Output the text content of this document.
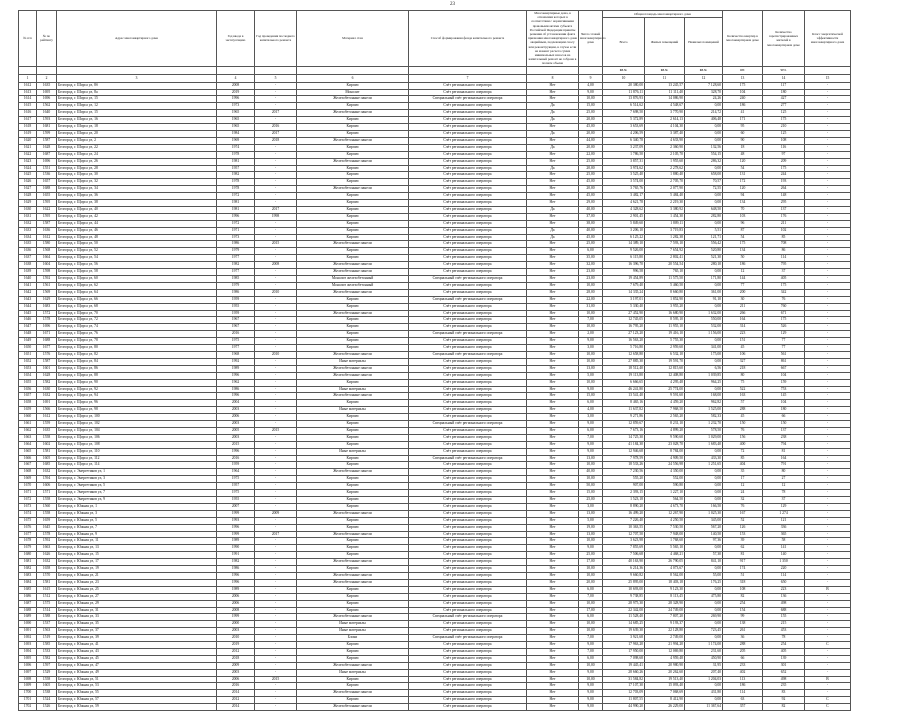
23
№ п/п	№ по рейтингу	Адрес многоквартирного дома	Год ввода в эксплуатацию	Год проведения последнего капитального ремонта	Материал стен	Способ формирования фонда капитального ремонта	Многоквартирные дома, в отношении которых в соответствии с нормативными правовыми актами субъекта Российской Федерации приняты решения об установлении факта признания многоквартирного дома аварийным, подлежащим сносу или реконструкции, в случае если на момент расчета сумма минимальных взносов на капитальный ремонт не собрана в полном объеме	Число этажей многоквартирного дома	Общая площадь многоквартирного дома			Количество квартир в многоквартирном доме	Количество зарегистрированных жителей в многоквартирном доме	Класс энергетической эффективности многоквартирного дома
									Всего	Жилых помещений	Нежилых помещений			
									кв.м.	кв.м.	кв.м.	шт.	чел.	
1	2	3	4	5	6	7	8	9	10	11	12	13	14	15
1612	1635	Белгород, г. Шорса ул, 8б	2008	-	Кирпич	Счёт регионального оператора	Нет	4,00	20 380,00	13 245,57	7 128,60	175	117	-
1613	1695	Белгород, г. Шорса ул, 8а	2019	-	Монолит	Счёт регионального оператора	Нет	9,00	11 876,11	11 111,40	328,70	104	180	-
1614	1696	Белгород, г. Шорса ул, 15	1996	-	Железобетонные панели	Специальный счёт регионального оператора	Нет	10,00	13 876,93	14 086,90	24,26	240	427	-
1615	1562	Белгород, г. Шорса ул, 12	1973	-	Кирпич	Счёт регионального оператора	Да	15,00	6 514,62	4 548,67	0,00	186	277	-
1616	1640	Белгород, г. Шорса ул, 15	1965	2017	Железобетонные панели	Счёт регионального оператора	Да	25,00	7 698,50	3 770,90	214,72	41	125	-
1617	1593	Белгород, г. Шорса ул, 16	1965	-	Кирпич	Счёт регионального оператора	Да	20,00	5 372,89	2 614,13	406,48	171	175	-
1618	1681	Белгород, г. Шорса ул, 18	1965	2016	Кирпич	Счёт регионального оператора	Нет	45,00	3 653,69	4 104,30	0,00	95	210	-
1619	1599	Белгород, г. Шорса ул, 20	1984	2017	Кирпич	Счёт регионального оператора	Да	20,00	4 206,59	3 387,40	0,00	60	125	-
1620	1587	Белгород, г. Шорса ул, 2	1969	2018	Железобетонные панели	Счёт регионального оператора	Нет	44,00	6 340,78	4 633,90	0,00	90	108	-
1621	1628	Белгород, г. Шорса ул, 22	1974	-	Кирпич	Счёт регионального оператора	Да	20,00	3 237,09	2 360,90	132,56	18	116	-
1622	1687	Белгород, г. Шорса ул, 24	1978	-	Кирпич	Счёт регионального оператора	Нет	22,00	1 786,50	2 105,70	554,15	48	97	-
1623	1696	Белгород, г. Щорса ул, 26	1981	-	Железобетонные панели	Счёт регионального оператора	Нет	25,00	3 857,31	1 955,60	286,32	120	209	-
1624	1551	Белгород, г. Щорса ул, 28	1957	-	Кирпич	Счёт регионального оператора	Да	20,00	3 974,62	2 278,62	0,00	54	175	-
1625	1536	Белгород, г. Щорса ул, 30	1982	-	Кирпич	Счёт регионального оператора	Нет	25,00	3 525,40	1 880,40	658,00	131	244	-
1626	1657	Белгород, г. Щорса ул, 32	1978	-	Кирпич	Счёт регионального оператора	Нет	45,00	3 574,00	2 705,70	70,57	172	193	-
1627	1688	Белгород, г. Щорса ул, 34	1978	-	Железобетонные панели	Счёт регионального оператора	Нет	20,00	3 765,76	2 077,90	72,55	120	264	-
1628	1655	Белгород, г. Щорса ул, 36	1972	-	Кирпич	Счёт регионального оператора	Нет	45,00	3 482,17	5 484,40	0,00	94	148	-
1629	1595	Белгород, г. Щорса ул, 38	1981	-	Кирпич	Счёт регионального оператора	Нет	29,00	4 621,78	2 219,30	0,00	134	295	-
1630	1622	Белгород, г. Щорса ул, 40	1981	2017	Кирпич	Счёт регионального оператора	Да	40,00	4 328,62	3 380,92	648,50	70	137	-
1631	1595	Белгород, г. Щорса ул, 42	1996	1998	Кирпич	Счёт регионального оператора	Нет	37,00	2 901,45	1 454,30	282,80	103	176	-
1632	1587	Белгород, г. Щорса ул, 44	1972	-	Кирпич	Счёт регионального оператора	Нет	38,00	5 849,60	1 809,11	0,00	96	211	-
1633	1636	Белгород, г. Щорса ул, 46	1971	-	Кирпич	Счёт регионального оператора	Да	40,00	3 206,10	3 719,83	5,51	87	102	-
1634	1612	Белгород, г. Щорса ул, 48	1973	-	Кирпич	Счёт регионального оператора	Да	45,00	6 125,22	1 282,38	121,71	54	85	-
1635	1580	Белгород, г. Щорса ул, 50	1986	2015	Железобетонные панели	Счёт регионального оператора	Нет	25,00	14 389,10	7 593,10	556,42	175	708	-
1636	1568	Белгород, г. Щорса ул, 52	1979	-	Кирпич	Счёт регионального оператора	Нет	6,00	9 526,00	7 654,92	520,80	134	86	-
1637	1664	Белгород, г. Щорса ул, 54	1977	-	Кирпич	Счёт регионального оператора	Нет	35,00	6 115,80	2 802,41	521,30	50	114	-
1638	1604	Белгород, г. Щорса ул, 56	1982	2008	Железобетонные панели	Счёт регионального оператора	Нет	32,00	16 396,70	20 554,54	280,10	186	795	-
1639	1598	Белгород, г. Щорса ул, 58	1977	-	Железобетонные панели	Счёт регионального оператора	Нет	23,00	996,58	765,10	0,00	12	37	-
1640	1592	Белгород, г. Щорса ул, 60	1985	-	Монолит железобетонный	Специальный счёт регионального оператора	Нет	23,00	19 454,89	11 575,50	171,80	144	405	-
1641	1561	Белгород, г. Щорса ул, 62	1979	-	Монолит железобетонный	Счёт регионального оператора	Нет	10,00	7 679,40	5 460,50	0,00	77	175	-
1642	1569	Белгород, г. Щорса ул, 64	1986	2010	Железобетонные панели	Счёт регионального оператора	Нет	28,00	14 335,24	8 660,80	361,00	200	342	-
1643	1629	Белгород, г. Щорса ул, 66	1959	-	Кирпич	Специальный счёт регионального оператора	Нет	22,00	3 197,01	1 852,90	91,10	30	76	-
1644	1683	Белгород, г. Щорса ул, 68	1955	-	Кирпич	Счёт регионального оператора	Нет	31,00	5 330,40	3 955,20	0,00	211	760	-
1645	1572	Белгород, г. Щорса ул, 70	1959	-	Железобетонные панели	Счёт регионального оператора	Нет	10,00	27 452,90	16 680,90	1 632,00	266	671	-
1646	1578	Белгород, г. Щорса ул, 72	1967	-	Кирпич	Счёт регионального оператора	Нет	7,00	12 745,05	8 595,10	550,00	164	175	-
1647	1696	Белгород, г. Щорса ул, 74	1967	-	Кирпич	Счёт регионального оператора	Нет	10,00	16 795,20	11 955,10	532,00	314	526	-
1648	1671	Белгород, г. Щорса ул, 76	2016	-	Кирпич	Специальный счёт регионального оператора	Нет	2,00	27 123,20	19 416,10	1 156,00	223	129	-
1649	1688	Белгород, г. Щорса ул, 78	1975	-	Кирпич	Счёт регионального оператора	Нет	9,00	16 563,20	5 755,30	0,00	151	77	-
1650	1677	Белгород, г. Щорса ул, 80	1977	-	Кирпич	Счёт регионального оператора	Нет	3,00	5 716,80	2 959,60	341,00	45	77	-
1651	1576	Белгород, г. Щорса ул, 82	1968	2010	Железобетонные панели	Специальный счёт регионального оператора	Нет	10,00	12 658,80	6 532,10	175,00	106	561	-
1652	1587	Белгород, г. Щорса ул, 84	1992	-	Иные материалы	Счёт регионального оператора	Нет	10,00	27 885,30	19 591,70	0,00	327	861	-
1653	1601	Белгород, г. Щорса ул, 86	1989	-	Железобетонные панели	Счёт регионального оператора	Нет	13,00	18 512,40	12 815,60	6,56	218	667	-
1654	1628	Белгород, г. Щорса ул, 88	1996	-	Железобетонные панели	Счёт регионального оператора	Нет	5,00	19 113,80	12 408,80	1 039,85	80	104	-
1655	1582	Белгород, г. Щорса ул, 90	1962	-	Кирпич	Счёт регионального оператора	Нет	10,00	6 666,65	4 295,48	964,25	75	159	-
1656	1630	Белгород, г. Щорса ул, 92	1986	-	Иные материалы	Счёт регионального оператора	Нет	9,00	46 241,80	25 774,00	0,00	522	753	-
1657	1632	Белгород, г. Щорса ул, 94	1996	-	Железобетонные панели	Счёт регионального оператора	Нет	15,00	13 541,40	9 591,60	168,00	163	145	-
1658	1691	Белгород, г. Щорса ул, 96	2004	-	Кирпич	Счёт регионального оператора	Нет	6,00	8 465,16	4 459,20	962,82	57	104	-
1659	1566	Белгород, г. Щорса ул, 98	2003	-	Иные материалы	Счёт регионального оператора	Нет	4,00	11 637,82	7 968,50	1 525,00	288	180	-
1660	1612	Белгород, г. Щорса ул, 100	2006	-	Кирпич	Счёт регионального оператора	Нет	3,00	9 271,86	2 565,20	582,33	45	66	-
1661	1559	Белгород, г. Щорса ул, 102	2003	-	Кирпич	Специальный счёт регионального оператора	Нет	9,00	12 859,67	8 231,10	1 232,70	150	150	-
1662	1635	Белгород, г. Щорса ул, 104	2005	2015	Кирпич	Счёт регионального оператора	Нет	6,00	7 673,16	4 899,20	578,50	76	137	-
1663	1558	Белгород, г. Щорса ул, 106	2003	-	Кирпич	Счёт регионального оператора	Нет	7,00	14 725,30	9 590,60	1 029,00	156	238	-
1664	1602	Белгород, г. Щорса ул, 108	2015	-	Кирпич	Счёт регионального оператора	Нет	9,00	41 184,30	23 028,70	1 683,40	400	794	-
1665	1581	Белгород, г. Щорса ул, 110	1996	-	Иные материалы	Счёт регионального оператора	Нет	9,00	12 946,68	8 784,00	0,00	72	81	-
1666	1605	Белгород, г. Щорса ул, 112	2016	-	Кирпич	Специальный счёт регионального оператора	Нет	13,00	7 978,59	4 909,50	433,30	85	164	-
1667	1685	Белгород, г. Щорса ул, 114	1959	-	Кирпич	Счёт регионального оператора	Нет	10,00	18 533,26	24 556,98	1 251,65	404	791	-
1668	1632	Белгород, г. Энергетиков ул, 1	1964	-	Железобетонные панели	Счёт регионального оператора	Нет	40,00	7 230,56	4 350,00	0,00	35	80	-
1669	1594	Белгород, г. Энергетиков ул, 3	1975	-	Кирпич	Счёт регионального оператора	Нет	10,00	555,20	552,00	0,00	17	27	-
1670	1606	Белгород, г. Энергетиков ул, 5	1957	-	Кирпич	Счёт регионального оператора	Нет	50,00	907,00	590,80	0,00	12	12	-
1671	1571	Белгород, г. Энергетиков ул, 7	1975	-	Кирпич	Счёт регионального оператора	Нет	15,00	2 393,15	1 227,10	0,00	24	78	-
1672	1558	Белгород, г. Энергетиков ул, 9	1955	-	Кирпич	Счёт регионального оператора	Нет	25,00	1 523,18	564,50	0,00	32	37	-
1673	1560	Белгород, г. Южная ул, 1	2007	-	Кирпич	Счёт регионального оператора	Нет	3,00	8 890,20	4 673,70	166,50	76	129	-
1674	1558	Белгород, г. Южная ул, 3	1999	2009	Железобетонные панели	Счёт регионального оператора	Нет	13,00	16 499,20	12 267,90	1 025,30	167	1 274	-
1675	1659	Белгород, г. Южная ул, 5	1993	-	Кирпич	Счёт регионального оператора	Нет	5,00	7 226,40	4 250,50	345,00	52	121	-
1676	1645	Белгород, г. Южная ул, 7	1996	-	Кирпич	Счёт регионального оператора	Нет	19,00	10 363,55	7 530,50	567,20	126	336	-
1677	1578	Белгород, г. Южная ул, 9	1999	2017	Железобетонные панели	Счёт регионального оператора	Нет	13,00	12 707,50	7 948,00	140,50	153	365	-
1678	1592	Белгород, г. Южная ул, 11	1989	-	Кирпич	Счёт регионального оператора	Нет	10,00	3 623,98	1 768,60	97,36	39	58	-
1679	1663	Белгород, г. Южная ул, 13	1990	-	Кирпич	Счёт регионального оператора	Нет	9,00	7 855,69	5 565,10	0,00	62	141	-
1680	1626	Белгород, г. Южная ул, 15	1991	-	Кирпич	Счёт регионального оператора	Нет	25,00	7 506,68	4 468,21	57,30	81	140	-
1681	1632	Белгород, г. Южная ул, 17	1982	-	Железобетонные панели	Счёт регионального оператора	Нет	17,00	40 163,90	26 790,05	841,10	917	1 350	-
1682	1658	Белгород, г. Южная ул, 19	1986	-	Кирпич	Счёт регионального оператора	Нет	10,00	6 214,36	4 073,67	0,00	174	220	-
1683	1570	Белгород, г. Южная ул, 21	1996	-	Железобетонные панели	Счёт регионального оператора	Нет	10,00	9 660,82	8 562,00	55,00	51	114	-
1684	1581	Белгород, г. Южная ул, 23	1996	-	Железобетонные панели	Счёт регионального оператора	Нет	20,00	25 895,00	18 403,18	176,25	318	650	-
1685	1615	Белгород, г. Южная ул, 25	1989	-	Кирпич	Счёт регионального оператора	Нет	6,00	10 693,00	9 123,30	0,00	108	223	В
1686	1512	Белгород, г. Южная ул, 27	2006	-	Кирпич	Счёт регионального оператора	Нет	7,00	9 738,85	8 113,45	475,80	82	136	-
1687	1575	Белгород, г. Южная ул, 29	2006	-	Кирпич	Счёт регионального оператора	Нет	10,00	28 975,30	28 328,90	0,00	254	498	-
1688	1514	Белгород, г. Южная ул, 31	2008	-	Кирпич	Счёт регионального оператора	Нет	17,00	22 342,00	24 749,00	0,00	154	688	-
1689	1588	Белгород, г. Южная ул, 33	1999	-	Железобетонные панели	Специальный счёт регионального оператора	Нет	6,00	11 528,40	7 807,20	269,90	99	155	-
1690	1537	Белгород, г. Южная ул, 35	2000	-	Иные материалы	Счёт регионального оператора	Нет	10,00	14 685,25	9 193,37	0,00	138	215	-
1691	1563	Белгород, г. Южная ул, 37	2003	-	Иные материалы	Счёт регионального оператора	Нет	10,00	19 639,30	22 128,80	723,45	261	453	-
1692	1519	Белгород, г. Южная ул, 39	2010	-	Блоки	Специальный счёт регионального оператора	Нет	7,00	3 921,68	2 749,00	0,00	36	78	-
1693	1585	Белгород, г. Южная ул, 41	2019	-	Кирпич	Счёт регионального оператора	Нет	9,00	17 963,20	21 994,20	1 174,00	288	254	С
1694	1533	Белгород, г. Южная ул, 43	2012	-	Кирпич	Счёт регионального оператора	Нет	7,00	17 950,00	12 069,80	231,60	205	405	-
1695	1582	Белгород, г. Южная ул, 45	2018	-	Кирпич	Счёт регионального оператора	Нет	6,00	7 098,68	4 959,48	450,90	66	139	-
1696	1597	Белгород, г. Южная ул, 47	2009	-	Железобетонные панели	Счёт регионального оператора	Нет	10,00	19 445,41	20 980,90	31,95	233	301	-
1697	1529	Белгород, г. Южная ул, 49	2003	-	Иные материалы	Счёт регионального оператора	Нет	9,00	28 660,26	20 262,60	207,40	402	652	-
1698	1558	Белгород, г. Южная ул, 51	2006	2015	Кирпич	Счёт регионального оператора	Нет	10,00	31 584,82	19 513,40	1 204,03	113	498	В
1699	1605	Белгород, г. Южная ул, 53	2016	-	Кирпич	Счёт регионального оператора	Нет	9,00	17 107,30	15 093,40	0,00	186	235	-
1700	1538	Белгород, г. Южная ул, 55	2014	-	Железобетонные панели	Счёт регионального оператора	Нет	9,00	12 703,09	7 068,69	431,80	114	83	-
1701	1524	Белгород, г. Южная ул, 57	2012	-	Кирпич	Счёт регионального оператора	Нет	9,00	11 807,55	8 412,90	0,00	63	92	С
1702	1526	Белгород, г. Южная ул, 59	2014	-	Железобетонные панели	Счёт регионального оператора	Нет	9,00	44 990,20	26 229,00	11 367,64	357	82	С
